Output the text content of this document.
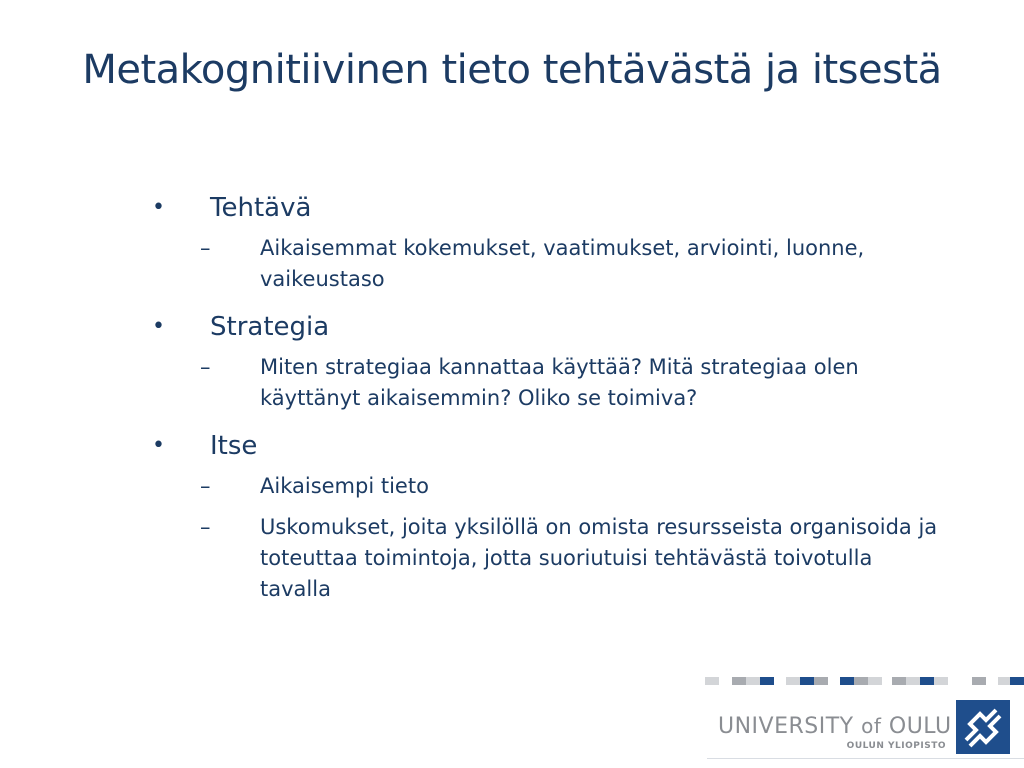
Metakognitiivinen tieto tehtävästä ja itsestä
• Tehtävä
– Aikaisemmat kokemukset, vaatimukset, arviointi, luonne, vaikeustaso
• Strategia
– Miten strategiaa kannattaa käyttää? Mitä strategiaa olen käyttänyt aikaisemmin? Oliko se toimiva?
• Itse
– Aikaisempi tieto
– Uskomukset, joita yksilöllä on omista resursseista organisoida ja toteuttaa toimintoja, jotta suoriutuisi tehtävästä toivotulla tavalla
UNIVERSITY of OULU
OULUN YLIOPISTO
